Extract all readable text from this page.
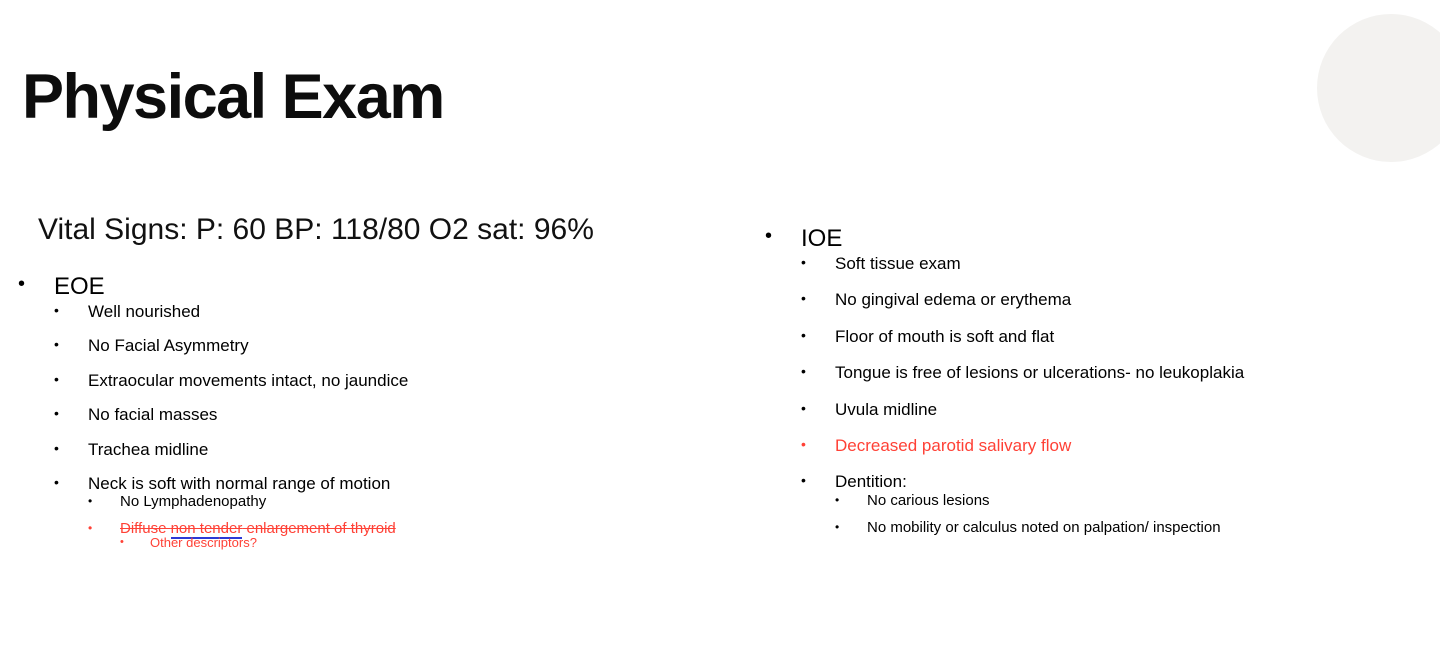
Physical Exam
Vital Signs: P: 60 BP: 118/80 O2 sat: 96%
• EOE
• Well nourished
• No Facial Asymmetry
• Extraocular movements intact, no jaundice
• No facial masses
• Trachea midline
• Neck is soft with normal range of motion
• No Lymphadenopathy
• Diffuse non tender enlargement of thyroid
• Other descriptors?
• IOE
• Soft tissue exam
• No gingival edema or erythema
• Floor of mouth is soft and flat
• Tongue is free of lesions or ulcerations- no leukoplakia
• Uvula midline
• Decreased parotid salivary flow
• Dentition:
• No carious lesions
• No mobility or calculus noted on palpation/ inspection
